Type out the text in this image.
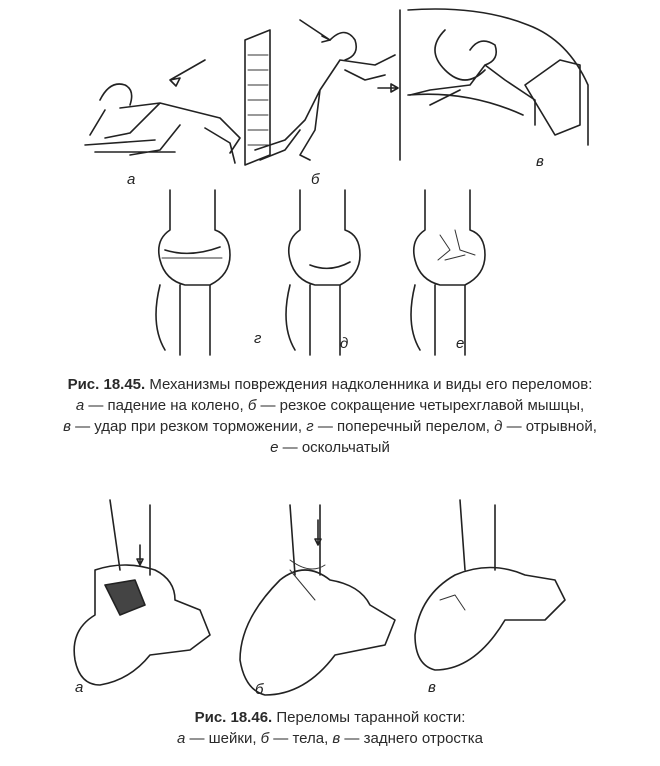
а	б
в
г	д	е
а	б	в
Рис. 18.45. Механизмы повреждения надколенника и виды его переломов:
а — падение на колено, б — резкое сокращение четырехглавой мышцы,
в — удар при резком торможении, г — поперечный перелом, д — отрывной,
е — оскольчатый
Рис. 18.46. Переломы таранной кости:
а — шейки, б — тела, в — заднего отростка
